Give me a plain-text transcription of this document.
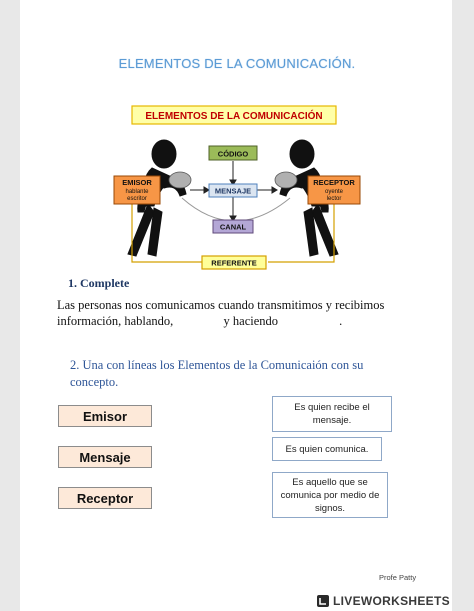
ELEMENTOS DE LA COMUNICACIÓN.
ELEMENTOS DE LA COMUNICACIÓN
CÓDIGO
MENSAJE
CANAL
EMISOR
hablante
escritor
RECEPTOR
oyente
lector
REFERENTE
1. Complete
Las personas nos comunicamos cuando transmitimos y recibimos información, hablando,	y haciendo	.
2. Una con líneas los Elementos de la Comunicaión con su concepto.
Emisor
Mensaje
Receptor
Es quien recibe el mensaje.
Es quien comunica.
Es aquello que se comunica por medio de signos.
Profe Patty
LIVEWORKSHEETS
